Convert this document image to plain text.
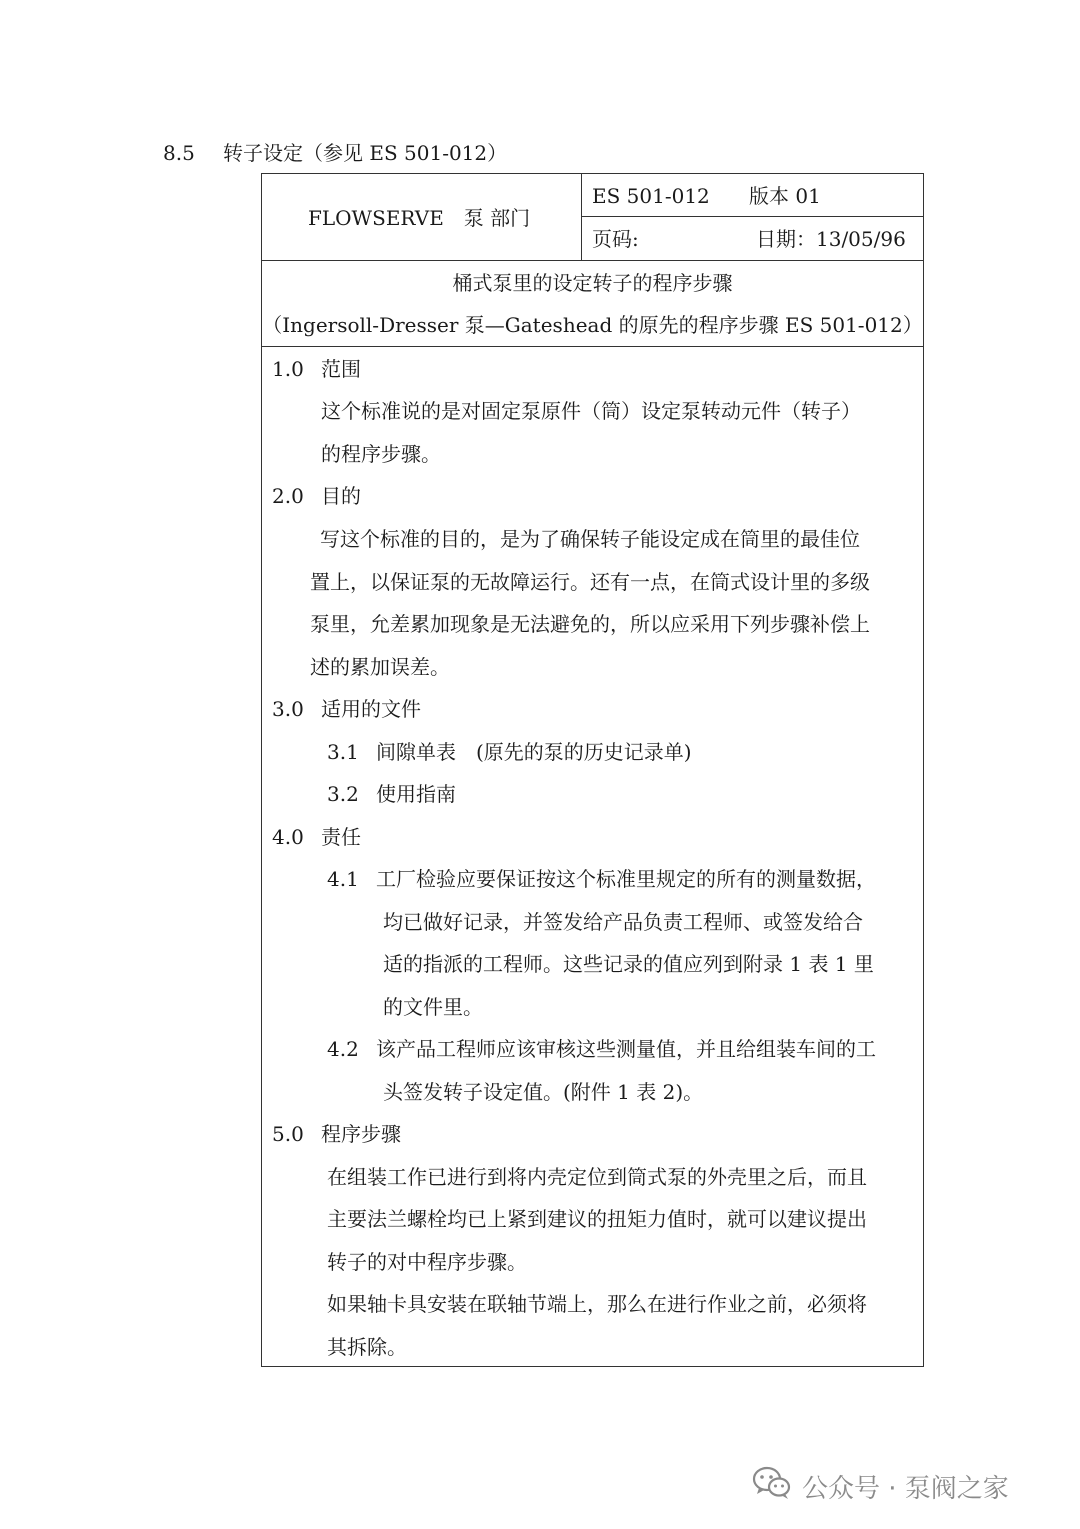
8.5 转子设定（参见 ES 501-012）
FLOWSERVE　泵 部门
ES 501-012 版本 01
页码:	日期：13/05/96
桶式泵里的设定转子的程序步骤
（Ingersoll-Dresser 泵—Gateshead 的原先的程序步骤 ES 501-012）
1.0 范围
这个标准说的是对固定泵原件（筒）设定泵转动元件（转子）
的程序步骤。
2.0 目的
写这个标准的目的，是为了确保转子能设定成在筒里的最佳位
置上，以保证泵的无故障运行。还有一点，在筒式设计里的多级
泵里，允差累加现象是无法避免的，所以应采用下列步骤补偿上
述的累加误差。
3.0 适用的文件
3.1 间隙单表　(原先的泵的历史记录单)
3.2 使用指南
4.0 责任
4.1 工厂检验应要保证按这个标准里规定的所有的测量数据，
均已做好记录，并签发给产品负责工程师、或签发给合
适的指派的工程师。这些记录的值应列到附录 1 表 1 里
的文件里。
4.2 该产品工程师应该审核这些测量值，并且给组装车间的工
头签发转子设定值。(附件 1 表 2)。
5.0 程序步骤
在组装工作已进行到将内壳定位到筒式泵的外壳里之后，而且
主要法兰螺栓均已上紧到建议的扭矩力值时，就可以建议提出
转子的对中程序步骤。
如果轴卡具安装在联轴节端上，那么在进行作业之前，必须将
其拆除。
公众号 · 泵阀之家
